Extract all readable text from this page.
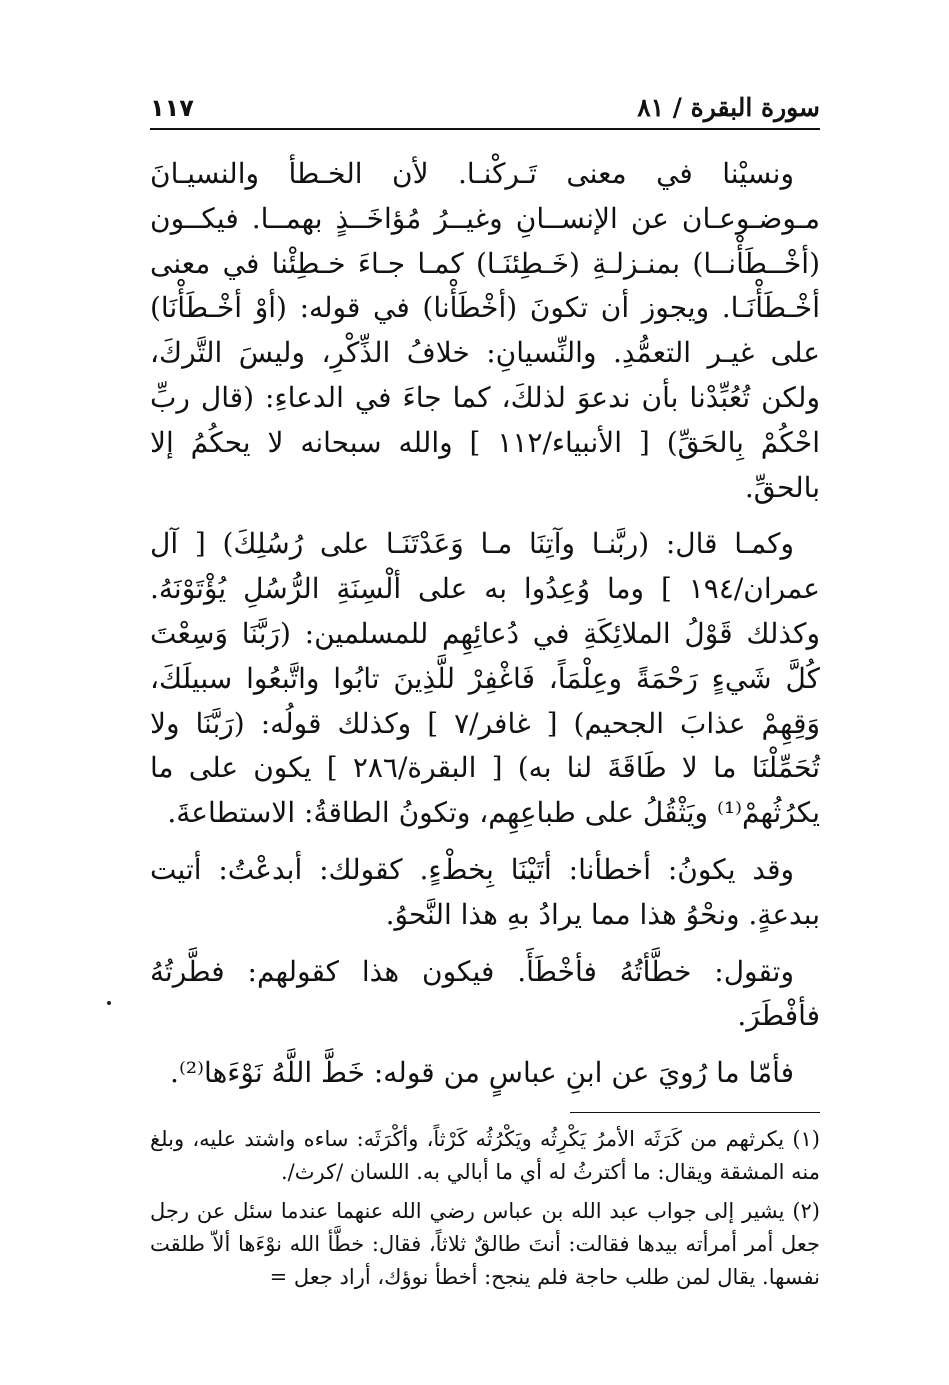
سورة البقرة / ٨١
١١٧

ونسيْنا في معنى تَـركْنـا. لأن الخـطأ والنسيـانَ مـوضـوعـان عن الإنســانِ وغيــرُ مُؤاخَــذٍ بهمــا. فيكــون (أخْــطَأْنــا) بمنـزلـةِ (خَـطِئنَـا) كمـا جـاءَ خـطِئْنا في معنى أخْـطَأْنَـا. ويجوز أن تكونَ (أخْطَأْنا) في قوله: (أوْ أخْـطَأْنَا) على غيـر التعمُّدِ. والنِّسيانِ: خلافُ الذِّكْرِ، وليسَ التَّركَ، ولكن تُعُبِّدْنا بأن ندعوَ لذلكَ، كما جاءَ في الدعاءِ: (قال ربِّ احْكُمْ بِالحَقِّ) [ الأنبياء/١١٢ ] والله سبحانه لا يحكُمُ إلا بالحقِّ.

وكمـا قال: (ربَّنـا وآتِنَا مـا وَعَدْتَنَـا على رُسُلِكَ) [ آل عمران/١٩٤ ] وما وُعِدُوا به على ألْسِنَةِ الرُّسُلِ يُؤْتَوْنَهُ. وكذلك قَوْلُ الملائِكَةِ في دُعائِهِم للمسلمين: (رَبَّنَا وَسِعْتَ كُلَّ شَيءٍ رَحْمَةً وعِلْمَاً، فَاغْفِرْ للَّذِينَ تابُوا واتَّبعُوا سبيلَكَ، وَقِهِمْ عذابَ الجحيم) [ غافر/٧ ] وكذلك قولُه: (رَبَّنَا ولا تُحَمِّلْنَا ما لا طَاقَةَ لنا به) [ البقرة/٢٨٦ ] يكون على ما يكرُثُهمْ⁽¹⁾ ويَثْقُلُ على طباعِهِم، وتكونُ الطاقةُ: الاستطاعةَ.

وقد يكونُ: أخطأنا: أتَيْنَا بِخطْءٍ. كقولك: أبدعْتُ: أتيت ببدعةٍ. ونحْوُ هذا مما يرادُ بهِ هذا النَّحوُ.

وتقول: خطَّأتُهُ فأخْطَأَ. فيكون هذا كقولهم: فطَّرتُهُ فأفْطَرَ.

فأمّا ما رُويَ عن ابنِ عباسٍ من قوله: خَطَّ اللَّهُ نَوْءَها⁽²⁾.

(١) يكرثهم من كَرَثَه الأمرُ يَكْرِثُه ويَكْرُثُه كَرْثاً، وأكْرَثَه: ساءه واشتد عليه، وبلغ منه المشقة ويقال: ما أكترثُ له أي ما أبالي به. اللسان /كرث/.

(٢) يشير إلى جواب عبد الله بن عباس رضي الله عنهما عندما سئل عن رجل جعل أمر أمرأته بيدها فقالت: أنتَ طالقٌ ثلاثاً، فقال: خطَّأ الله نوْءَها ألاّ طلقت نفسها. يقال لمن طلب حاجة فلم ينجح: أخطأ نوؤك، أراد جعل =
